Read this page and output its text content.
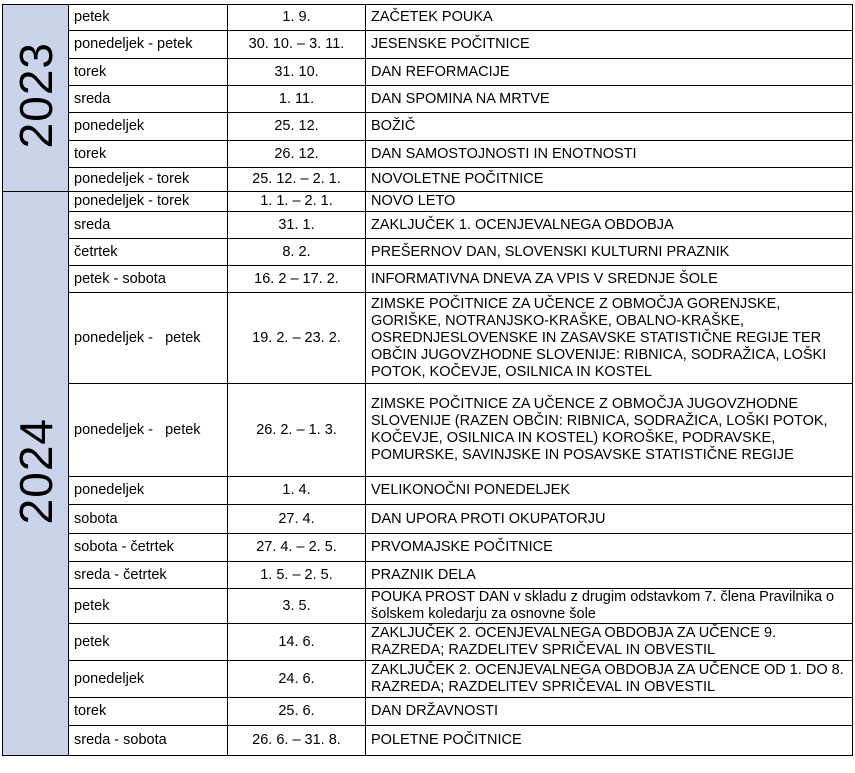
2023	petek	1. 9.	ZAČETEK POUKA
	ponedeljek - petek	30. 10. – 3. 11.	JESENSKE POČITNICE
	torek	31. 10.	DAN REFORMACIJE
	sreda	1. 11.	DAN SPOMINA NA MRTVE
	ponedeljek	25. 12.	BOŽIČ
	torek	26. 12.	DAN SAMOSTOJNOSTI IN ENOTNOSTI
	ponedeljek - torek	25. 12. – 2. 1.	NOVOLETNE POČITNICE
2024	ponedeljek - torek	1. 1. – 2. 1.	NOVO LETO
	sreda	31. 1.	ZAKLJUČEK 1. OCENJEVALNEGA OBDOBJA
	četrtek	8. 2.	PREŠERNOV DAN, SLOVENSKI KULTURNI PRAZNIK
	petek - sobota	16. 2 – 17. 2.	INFORMATIVNA DNEVA ZA VPIS V SREDNJE ŠOLE
	ponedeljek -   petek	19. 2. – 23. 2.	ZIMSKE POČITNICE ZA UČENCE Z OBMOČJA GORENJSKE, GORIŠKE, NOTRANJSKO-KRAŠKE, OBALNO-KRAŠKE, OSREDNJESLOVENSKE IN ZASAVSKE STATISTIČNE REGIJE TER OBČIN JUGOVZHODNE SLOVENIJE: RIBNICA, SODRAŽICA, LOŠKI POTOK, KOČEVJE, OSILNICA IN KOSTEL
	ponedeljek -   petek	26. 2. – 1. 3.	ZIMSKE POČITNICE ZA UČENCE Z OBMOČJA JUGOVZHODNE SLOVENIJE (RAZEN OBČIN: RIBNICA, SODRAŽICA, LOŠKI POTOK, KOČEVJE, OSILNICA IN KOSTEL) KOROŠKE, PODRAVSKE, POMURSKE, SAVINJSKE IN POSAVSKE STATISTIČNE REGIJE
	ponedeljek	1. 4.	VELIKONOČNI PONEDELJEK
	sobota	27. 4.	DAN UPORA PROTI OKUPATORJU
	sobota - četrtek	27. 4. – 2. 5.	PRVOMAJSKE POČITNICE
	sreda - četrtek	1. 5. – 2. 5.	PRAZNIK DELA
	petek	3. 5.	POUKA PROST DAN v skladu z drugim odstavkom 7. člena Pravilnika o šolskem koledarju za osnovne šole
	petek	14. 6.	ZAKLJUČEK 2. OCENJEVALNEGA OBDOBJA ZA UČENCE 9. RAZREDA; RAZDELITEV SPRIČEVAL IN OBVESTIL
	ponedeljek	24. 6.	ZAKLJUČEK 2. OCENJEVALNEGA OBDOBJA ZA UČENCE OD 1. DO 8. RAZREDA; RAZDELITEV SPRIČEVAL IN OBVESTIL
	torek	25. 6.	DAN DRŽAVNOSTI
	sreda - sobota	26. 6. – 31. 8.	POLETNE POČITNICE
